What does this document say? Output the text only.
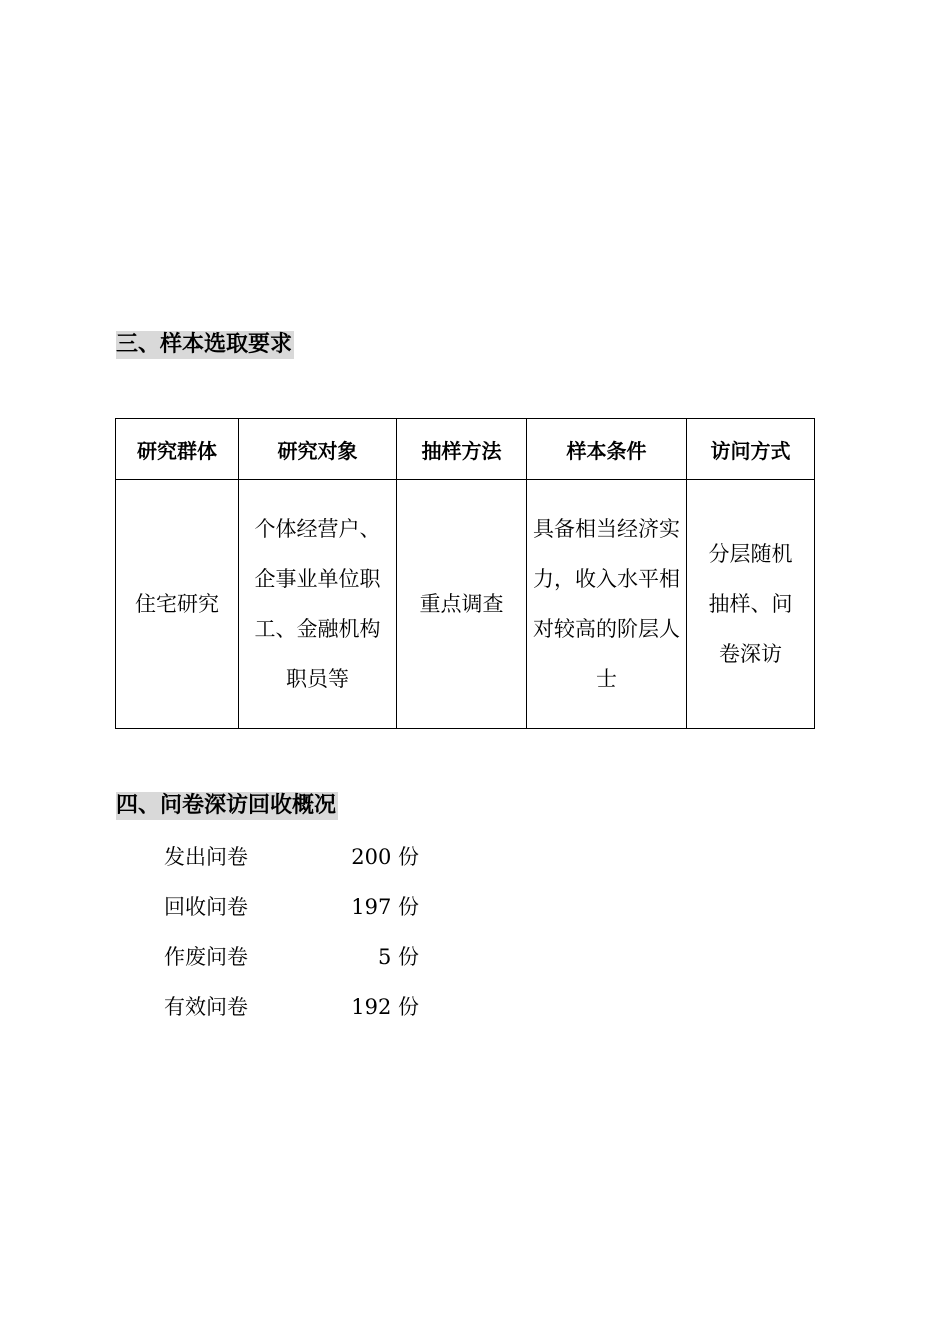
三、样本选取要求
研究群体	研究对象	抽样方法	样本条件	访问方式
住宅研究	个体经营户、企事业单位职工、金融机构职员等	重点调查	具备相当经济实力，收入水平相对较高的阶层人士	分层随机抽样、问卷深访
四、问卷深访回收概况
发出问卷	200 份
回收问卷	197 份
作废问卷	5 份
有效问卷	192 份
